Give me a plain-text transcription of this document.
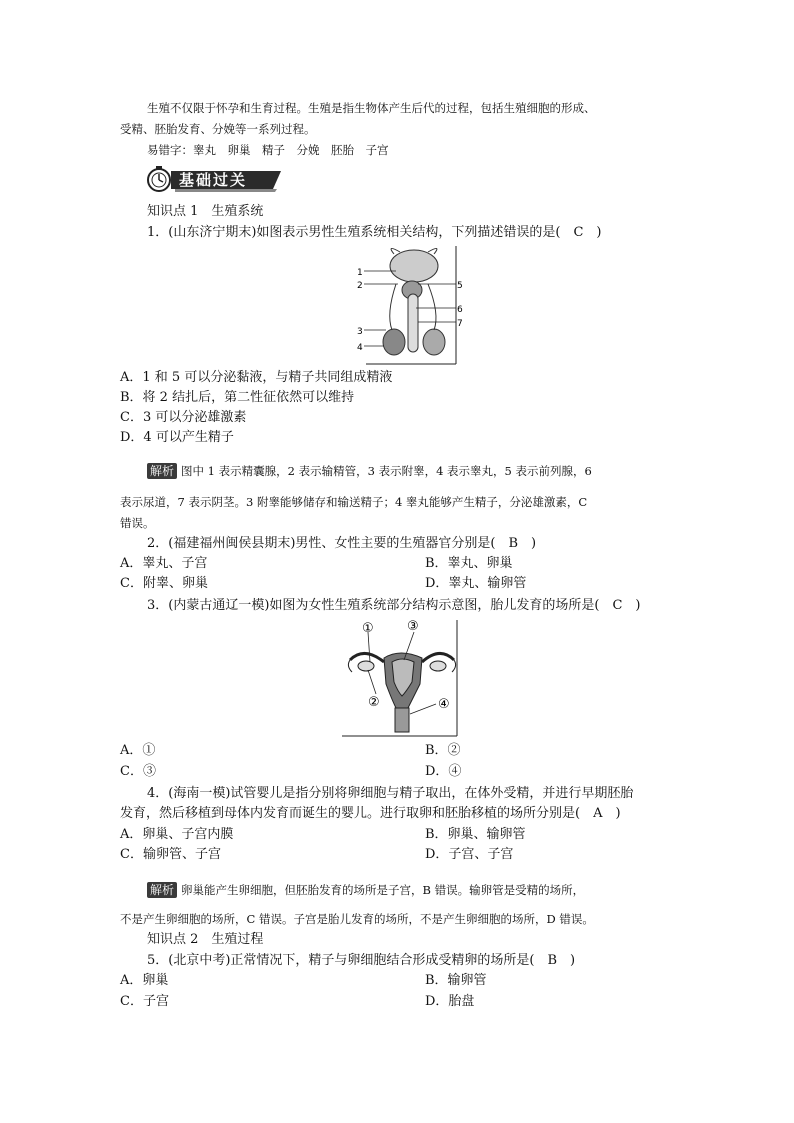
生殖不仅限于怀孕和生育过程。生殖是指生物体产生后代的过程，包括生殖细胞的形成、
受精、胚胎发育、分娩等一系列过程。
易错字：睾丸　卵巢　精子　分娩　胚胎　子宫
基础过关
知识点 1　生殖系统
1．(山东济宁期末)如图表示男性生殖系统相关结构，下列描述错误的是(　C　)
1
2
3
4
5
6
7
A．1 和 5 可以分泌黏液，与精子共同组成精液
B．将 2 结扎后，第二性征依然可以维持
C．3 可以分泌雄激素
D．4 可以产生精子
解析 图中 1 表示精囊腺，2 表示输精管，3 表示附睾，4 表示睾丸，5 表示前列腺，6
表示尿道，7 表示阴茎。3 附睾能够储存和输送精子；4 睾丸能够产生精子，分泌雄激素，C
错误。
2．(福建福州闽侯县期末)男性、女性主要的生殖器官分别是(　B　)
A．睾丸、子宫	B．睾丸、卵巢
C．附睾、卵巢	D．睾丸、输卵管
3．(内蒙古通辽一模)如图为女性生殖系统部分结构示意图，胎儿发育的场所是(　C　)
①
②
③
④
A．①	B．②
C．③	D．④
4．(海南一模)试管婴儿是指分别将卵细胞与精子取出，在体外受精，并进行早期胚胎
发育，然后移植到母体内发育而诞生的婴儿。进行取卵和胚胎移植的场所分别是(　A　)
A．卵巢、子宫内膜	B．卵巢、输卵管
C．输卵管、子宫	D．子宫、子宫
解析 卵巢能产生卵细胞，但胚胎发育的场所是子宫，B 错误。输卵管是受精的场所，
不是产生卵细胞的场所，C 错误。子宫是胎儿发育的场所，不是产生卵细胞的场所，D 错误。
知识点 2　生殖过程
5．(北京中考)正常情况下，精子与卵细胞结合形成受精卵的场所是(　B　)
A．卵巢	B．输卵管
C．子宫	D．胎盘
